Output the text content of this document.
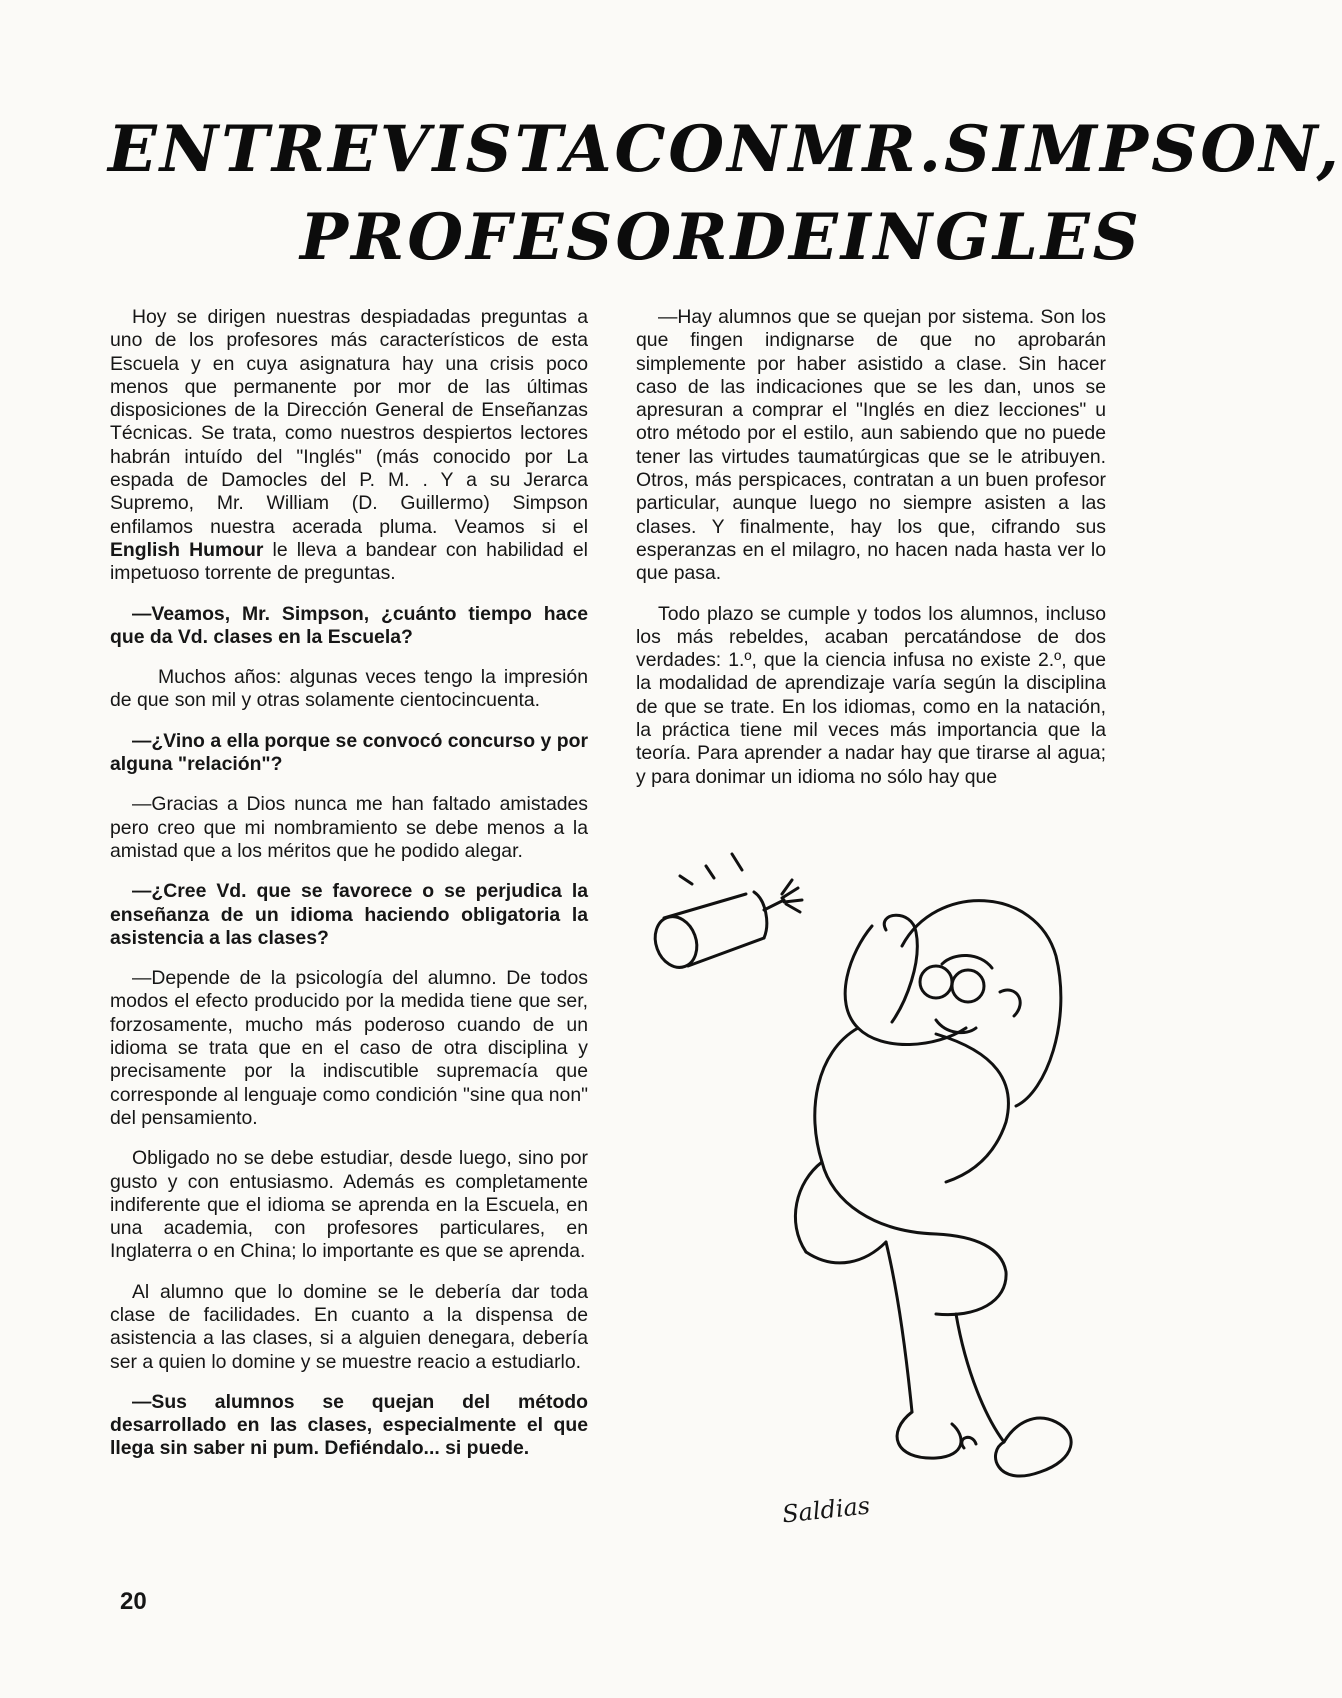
ENTREVISTA CON MR. SIMPSON,
PROFESOR DE INGLES

Hoy se dirigen nuestras despiadadas preguntas a uno de los profesores más característicos de esta Escuela y en cuya asignatura hay una crisis poco menos que permanente por mor de las últimas disposiciones de la Dirección General de Enseñanzas Técnicas. Se trata, como nuestros despiertos lectores habrán intuído del "Inglés" (más conocido por La espada de Damocles del P. M. . Y a su Jerarca Supremo, Mr. William (D. Guillermo) Simpson enfilamos nuestra acerada pluma. Veamos si el English Humour le lleva a bandear con habilidad el impetuoso torrente de preguntas.

—Veamos, Mr. Simpson, ¿cuánto tiempo hace que da Vd. clases en la Escuela?

Muchos años: algunas veces tengo la impresión de que son mil y otras solamente cientocincuenta.

—¿Vino a ella porque se convocó concurso y por alguna "relación"?

—Gracias a Dios nunca me han faltado amistades pero creo que mi nombramiento se debe menos a la amistad que a los méritos que he podido alegar.

—¿Cree Vd. que se favorece o se perjudica la enseñanza de un idioma haciendo obligatoria la asistencia a las clases?

—Depende de la psicología del alumno. De todos modos el efecto producido por la medida tiene que ser, forzosamente, mucho más poderoso cuando de un idioma se trata que en el caso de otra disciplina y precisamente por la indiscutible supremacía que corresponde al lenguaje como condición "sine qua non" del pensamiento.

Obligado no se debe estudiar, desde luego, sino por gusto y con entusiasmo. Además es completamente indiferente que el idioma se aprenda en la Escuela, en una academia, con profesores particulares, en Inglaterra o en China; lo importante es que se aprenda.

Al alumno que lo domine se le debería dar toda clase de facilidades. En cuanto a la dispensa de asistencia a las clases, si a alguien denegara, debería ser a quien lo domine y se muestre reacio a estudiarlo.

—Sus alumnos se quejan del método desarrollado en las clases, especialmente el que llega sin saber ni pum. Defiéndalo... si puede.

—Hay alumnos que se quejan por sistema. Son los que fingen indignarse de que no aprobarán simplemente por haber asistido a clase. Sin hacer caso de las indicaciones que se les dan, unos se apresuran a comprar el "Inglés en diez lecciones" u otro método por el estilo, aun sabiendo que no puede tener las virtudes taumatúrgicas que se le atribuyen. Otros, más perspicaces, contratan a un buen profesor particular, aunque luego no siempre asisten a las clases. Y finalmente, hay los que, cifrando sus esperanzas en el milagro, no hacen nada hasta ver lo que pasa.

Todo plazo se cumple y todos los alumnos, incluso los más rebeldes, acaban percatándose de dos verdades: 1.º, que la ciencia infusa no existe 2.º, que la modalidad de aprendizaje varía según la disciplina de que se trate. En los idiomas, como en la natación, la práctica tiene mil veces más importancia que la teoría. Para aprender a nadar hay que tirarse al agua; y para donimar un idioma no sólo hay que

Saldias
20
